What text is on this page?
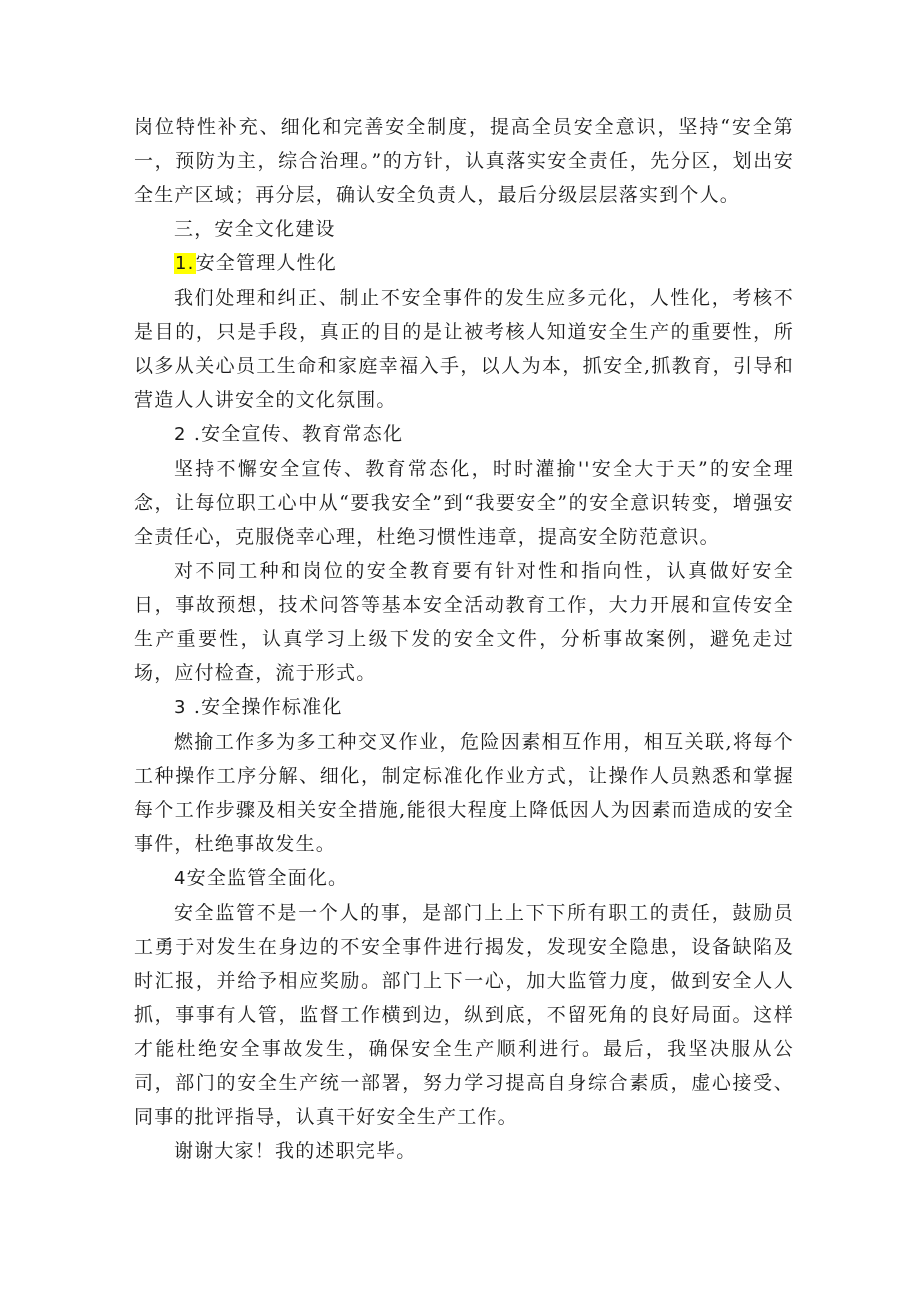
岗位特性补充、细化和完善安全制度，提高全员安全意识，坚持“安全第一，预防为主，综合治理。”的方针，认真落实安全责任，先分区，划出安全生产区域；再分层，确认安全负责人，最后分级层层落实到个人。

三，安全文化建设

1.安全管理人性化

我们处理和纠正、制止不安全事件的发生应多元化，人性化，考核不是目的，只是手段，真正的目的是让被考核人知道安全生产的重要性，所以多从关心员工生命和家庭幸福入手，以人为本，抓安全,抓教育，引导和营造人人讲安全的文化氛围。

2 .安全宣传、教育常态化

坚持不懈安全宣传、教育常态化，时时灌揄''安全大于天”的安全理念，让每位职工心中从“要我安全”到“我要安全”的安全意识转变，增强安全责任心，克服侥幸心理，杜绝习惯性违章，提高安全防范意识。

对不同工种和岗位的安全教育要有针对性和指向性，认真做好安全日，事故预想，技术问答等基本安全活动教育工作，大力开展和宣传安全生产重要性，认真学习上级下发的安全文件，分析事故案例，避免走过场，应付检查，流于形式。

3 .安全操作标准化

燃揄工作多为多工种交叉作业，危险因素相互作用，相互关联,将每个工种操作工序分解、细化，制定标准化作业方式，让操作人员熟悉和掌握每个工作步骤及相关安全措施,能很大程度上降低因人为因素而造成的安全事件，杜绝事故发生。

4安全监管全面化。

安全监管不是一个人的事，是部门上上下下所有职工的责任，鼓励员工勇于对发生在身边的不安全事件进行揭发，发现安全隐患，设备缺陷及时汇报，并给予相应奖励。部门上下一心，加大监管力度，做到安全人人抓，事事有人管，监督工作横到边，纵到底，不留死角的良好局面。这样才能杜绝安全事故发生，确保安全生产顺利进行。最后，我坚决服从公司，部门的安全生产统一部署，努力学习提高自身综合素质，虚心接受、同事的批评指导，认真干好安全生产工作。

谢谢大家！我的述职完毕。
